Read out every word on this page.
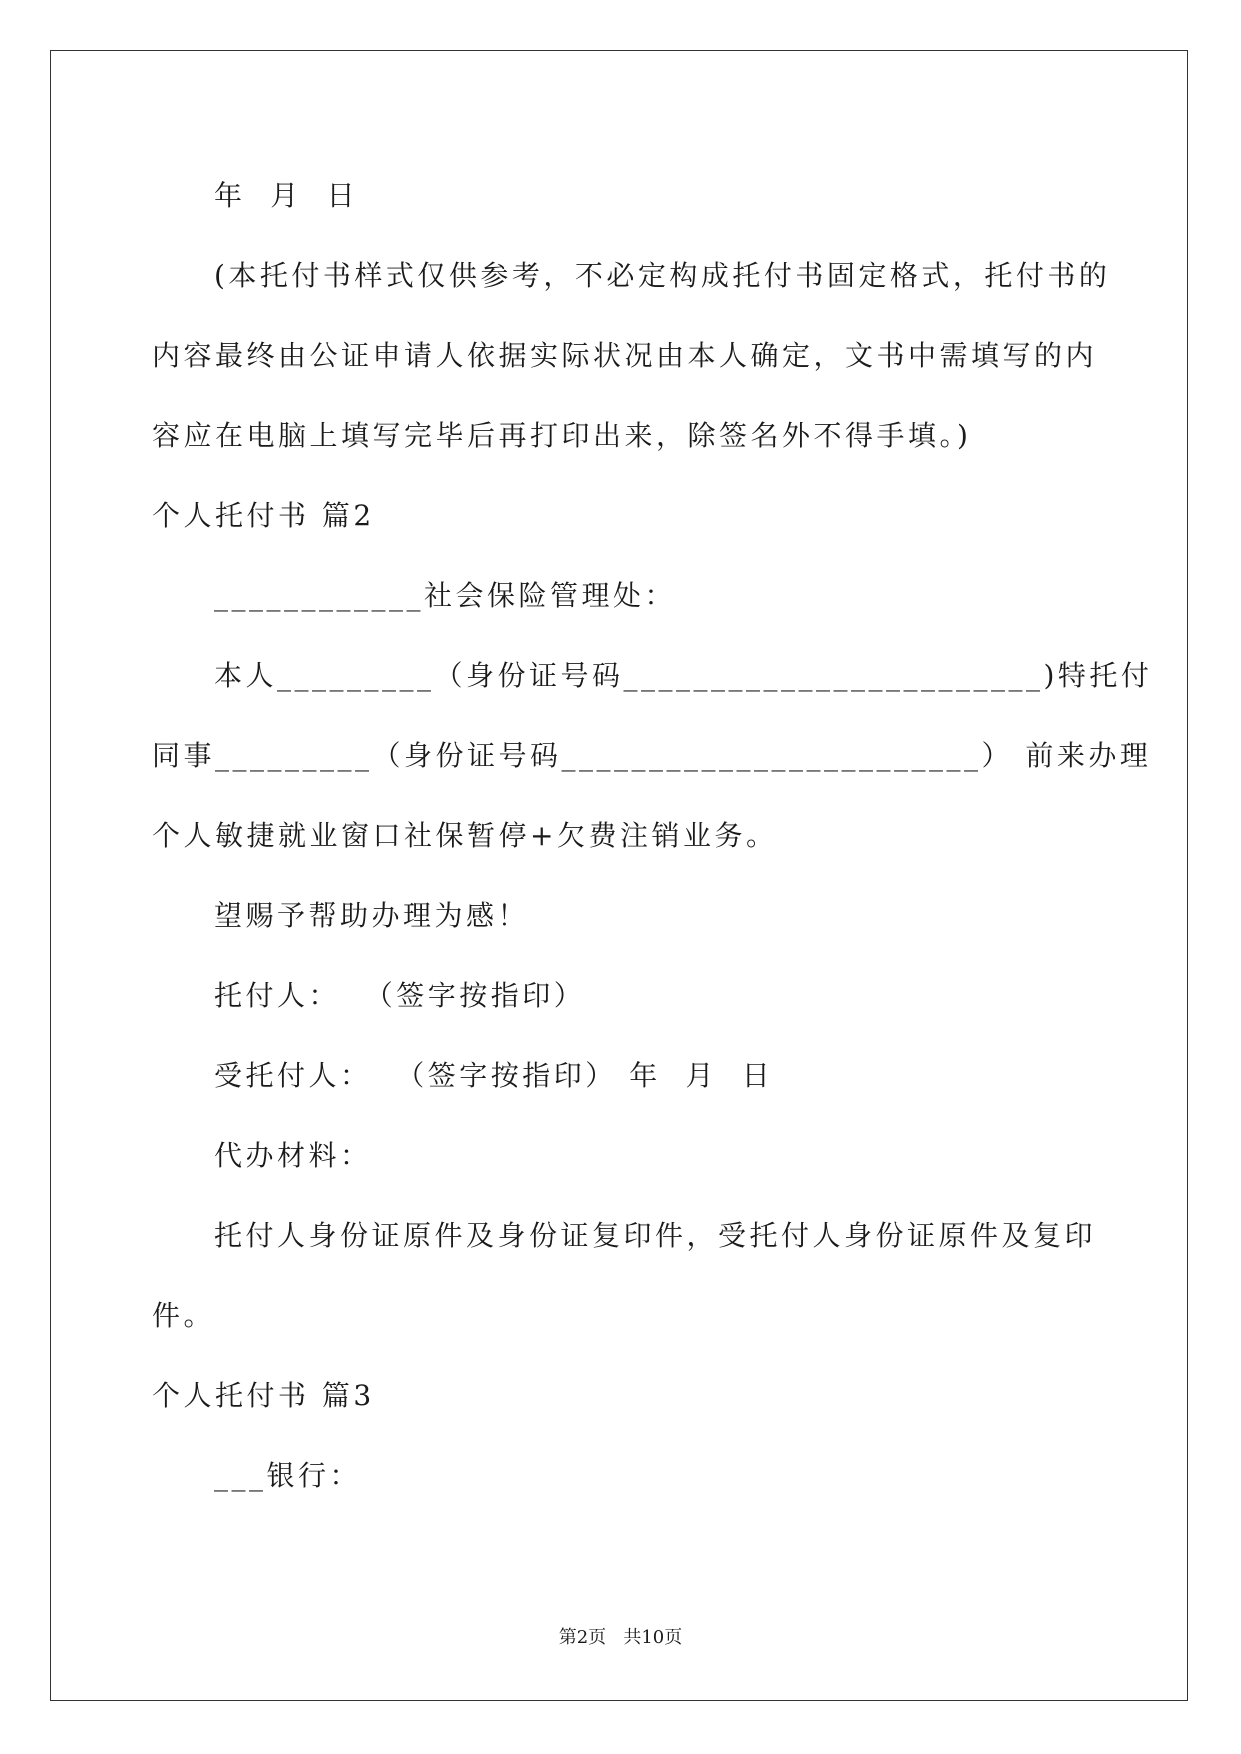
年  月  日
(本托付书样式仅供参考，不必定构成托付书固定格式，托付书的
内容最终由公证申请人依据实际状况由本人确定，文书中需填写的内
容应在电脑上填写完毕后再打印出来，除签名外不得手填。)
个人托付书 篇2
____________社会保险管理处：
本人_________（身份证号码________________________)特托付
同事_________（身份证号码________________________） 前来办理
个人敏捷就业窗口社保暂停+欠费注销业务。
望赐予帮助办理为感！
托付人：  （签字按指印）
受托付人：  （签字按指印） 年  月  日
代办材料：
托付人身份证原件及身份证复印件，受托付人身份证原件及复印
件。
个人托付书 篇3
___银行：
第2页   共10页
